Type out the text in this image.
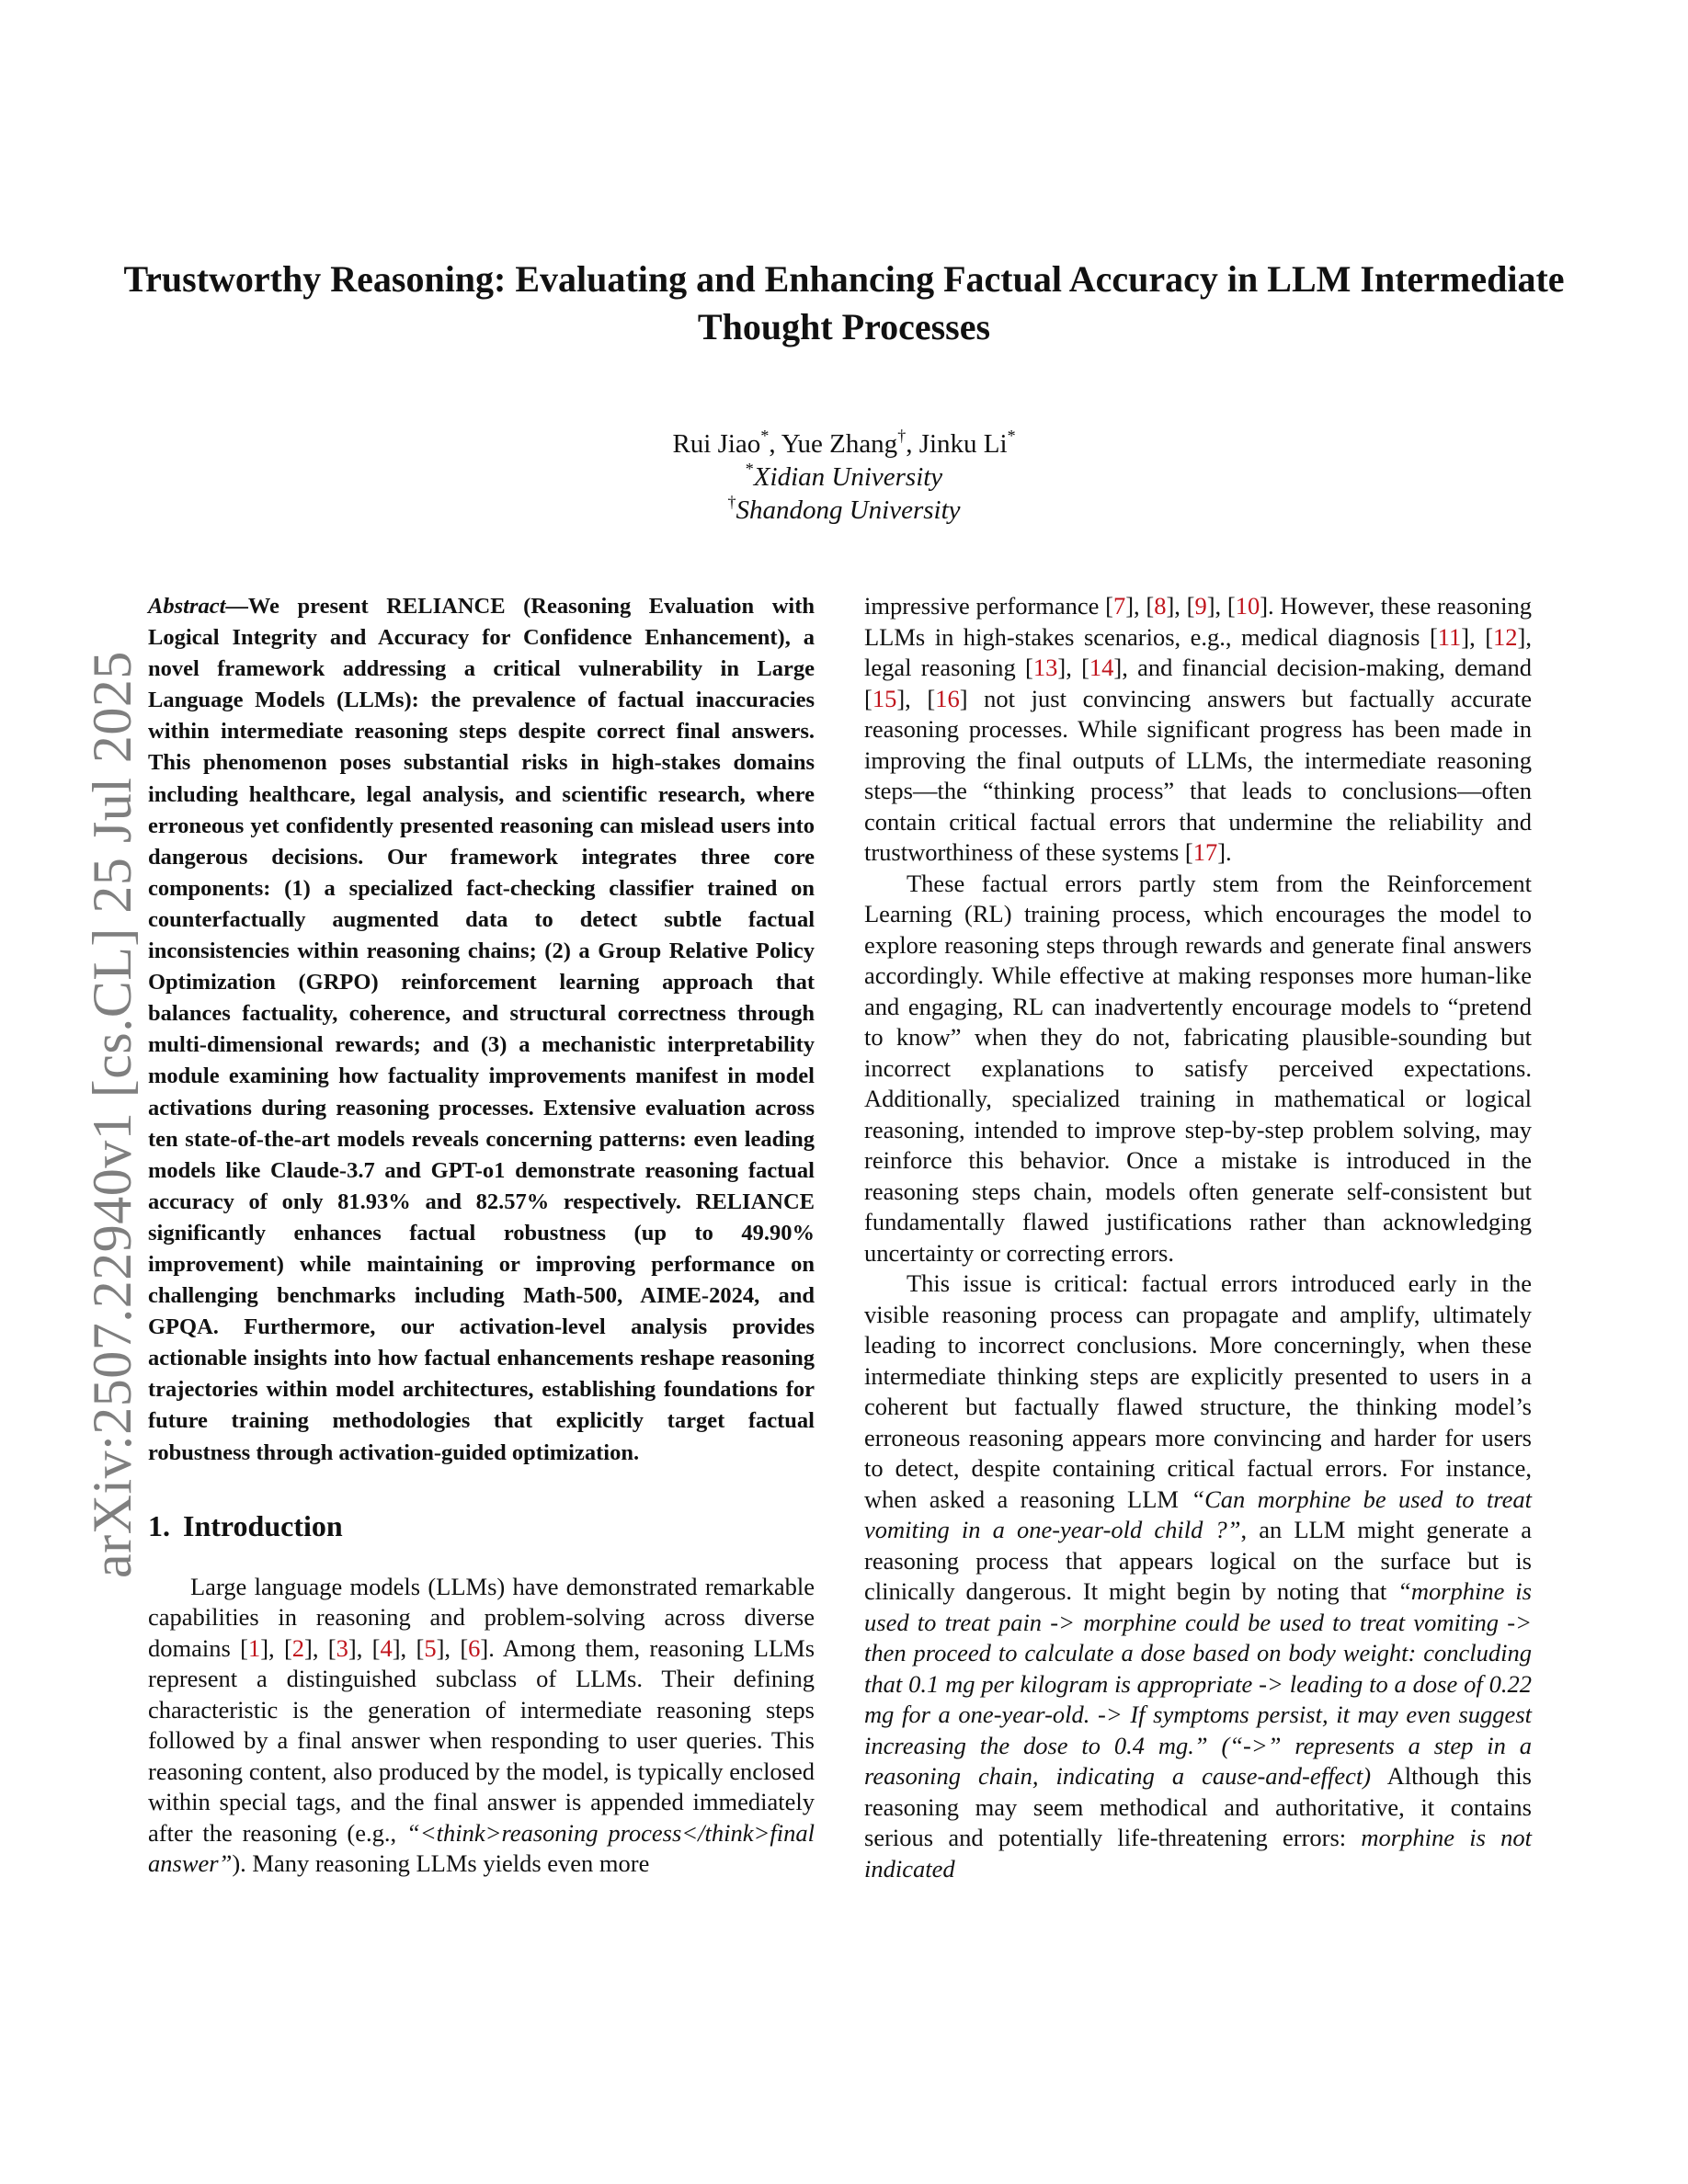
arXiv:2507.22940v1 [cs.CL] 25 Jul 2025
Trustworthy Reasoning: Evaluating and Enhancing Factual Accuracy in LLM Intermediate Thought Processes
Rui Jiao*, Yue Zhang†, Jinku Li*
*Xidian University
†Shandong University

Abstract—We present RELIANCE (Reasoning Evaluation with Logical Integrity and Accuracy for Confidence Enhancement), a novel framework addressing a critical vulnerability in Large Language Models (LLMs): the prevalence of factual inaccuracies within intermediate reasoning steps despite correct final answers. This phenomenon poses substantial risks in high-stakes domains including healthcare, legal analysis, and scientific research, where erroneous yet confidently presented reasoning can mislead users into dangerous decisions. Our framework integrates three core components: (1) a specialized fact-checking classifier trained on counterfactually augmented data to detect subtle factual inconsistencies within reasoning chains; (2) a Group Relative Policy Optimization (GRPO) reinforcement learning approach that balances factuality, coherence, and structural correctness through multi-dimensional rewards; and (3) a mechanistic interpretability module examining how factuality improvements manifest in model activations during reasoning processes. Extensive evaluation across ten state-of-the-art models reveals concerning patterns: even leading models like Claude-3.7 and GPT-o1 demonstrate reasoning factual accuracy of only 81.93% and 82.57% respectively. RELIANCE significantly enhances factual robustness (up to 49.90% improvement) while maintaining or improving performance on challenging benchmarks including Math-500, AIME-2024, and GPQA. Furthermore, our activation-level analysis provides actionable insights into how factual enhancements reshape reasoning trajectories within model architectures, establishing foundations for future training methodologies that explicitly target factual robustness through activation-guided optimization.

1. Introduction

Large language models (LLMs) have demonstrated remarkable capabilities in reasoning and problem-solving across diverse domains [1], [2], [3], [4], [5], [6]. Among them, reasoning LLMs represent a distinguished subclass of LLMs. Their defining characteristic is the generation of intermediate reasoning steps followed by a final answer when responding to user queries. This reasoning content, also produced by the model, is typically enclosed within special tags, and the final answer is appended immediately after the reasoning (e.g., “<think>reasoning process</think>final answer”). Many reasoning LLMs yields even more

impressive performance [7], [8], [9], [10]. However, these reasoning LLMs in high-stakes scenarios, e.g., medical diagnosis [11], [12], legal reasoning [13], [14], and financial decision-making, demand [15], [16] not just convincing answers but factually accurate reasoning processes. While significant progress has been made in improving the final outputs of LLMs, the intermediate reasoning steps—the “thinking process” that leads to conclusions—often contain critical factual errors that undermine the reliability and trustworthiness of these systems [17].

These factual errors partly stem from the Reinforcement Learning (RL) training process, which encourages the model to explore reasoning steps through rewards and generate final answers accordingly. While effective at making responses more human-like and engaging, RL can inadvertently encourage models to “pretend to know” when they do not, fabricating plausible-sounding but incorrect explanations to satisfy perceived expectations. Additionally, specialized training in mathematical or logical reasoning, intended to improve step-by-step problem solving, may reinforce this behavior. Once a mistake is introduced in the reasoning steps chain, models often generate self-consistent but fundamentally flawed justifications rather than acknowledging uncertainty or correcting errors.

This issue is critical: factual errors introduced early in the visible reasoning process can propagate and amplify, ultimately leading to incorrect conclusions. More concerningly, when these intermediate thinking steps are explicitly presented to users in a coherent but factually flawed structure, the thinking model’s erroneous reasoning appears more convincing and harder for users to detect, despite containing critical factual errors. For instance, when asked a reasoning LLM “Can morphine be used to treat vomiting in a one-year-old child ?”, an LLM might generate a reasoning process that appears logical on the surface but is clinically dangerous. It might begin by noting that “morphine is used to treat pain -> morphine could be used to treat vomiting -> then proceed to calculate a dose based on body weight: concluding that 0.1 mg per kilogram is appropriate -> leading to a dose of 0.22 mg for a one-year-old. -> If symptoms persist, it may even suggest increasing the dose to 0.4 mg.” (“->” represents a step in a reasoning chain, indicating a cause-and-effect) Although this reasoning may seem methodical and authoritative, it contains serious and potentially life-threatening errors: morphine is not indicated
